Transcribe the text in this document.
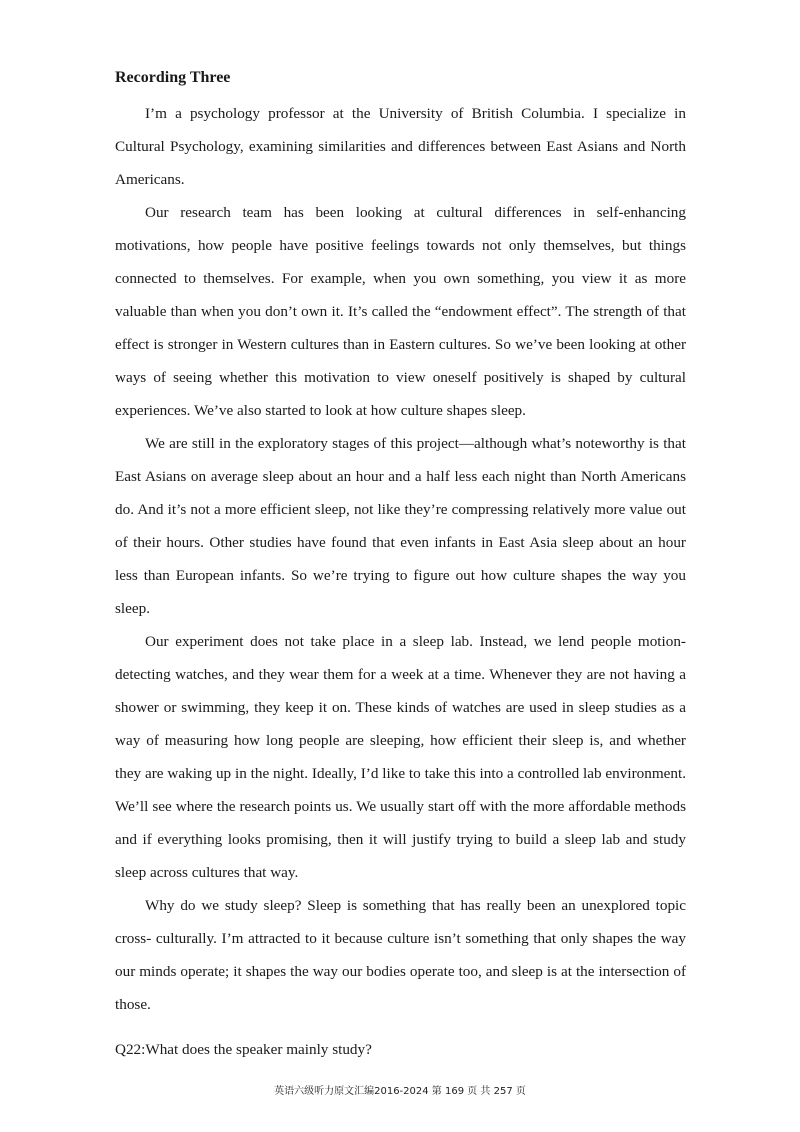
Recording Three

I’m a psychology professor at the University of British Columbia. I specialize in Cultural Psychology, examining similarities and differences between East Asians and North Americans.

Our research team has been looking at cultural differences in self-enhancing motivations, how people have positive feelings towards not only themselves, but things connected to themselves. For example, when you own something, you view it as more valuable than when you don’t own it. It’s called the “endowment effect”. The strength of that effect is stronger in Western cultures than in Eastern cultures. So we’ve been looking at other ways of seeing whether this motivation to view oneself positively is shaped by cultural experiences. We’ve also started to look at how culture shapes sleep.

We are still in the exploratory stages of this project—although what’s noteworthy is that East Asians on average sleep about an hour and a half less each night than North Americans do. And it’s not a more efficient sleep, not like they’re compressing relatively more value out of their hours. Other studies have found that even infants in East Asia sleep about an hour less than European infants. So we’re trying to figure out how culture shapes the way you sleep.

Our experiment does not take place in a sleep lab. Instead, we lend people motion-detecting watches, and they wear them for a week at a time. Whenever they are not having a shower or swimming, they keep it on. These kinds of watches are used in sleep studies as a way of measuring how long people are sleeping, how efficient their sleep is, and whether they are waking up in the night. Ideally, I’d like to take this into a controlled lab environment. We’ll see where the research points us. We usually start off with the more affordable methods and if everything looks promising, then it will justify trying to build a sleep lab and study sleep across cultures that way.

Why do we study sleep? Sleep is something that has really been an unexplored topic cross- culturally. I’m attracted to it because culture isn’t something that only shapes the way our minds operate; it shapes the way our bodies operate too, and sleep is at the intersection of those.

Q22:What does the speaker mainly study?

英语六级听力原文汇编2016-2024 第 169 页 共 257 页
